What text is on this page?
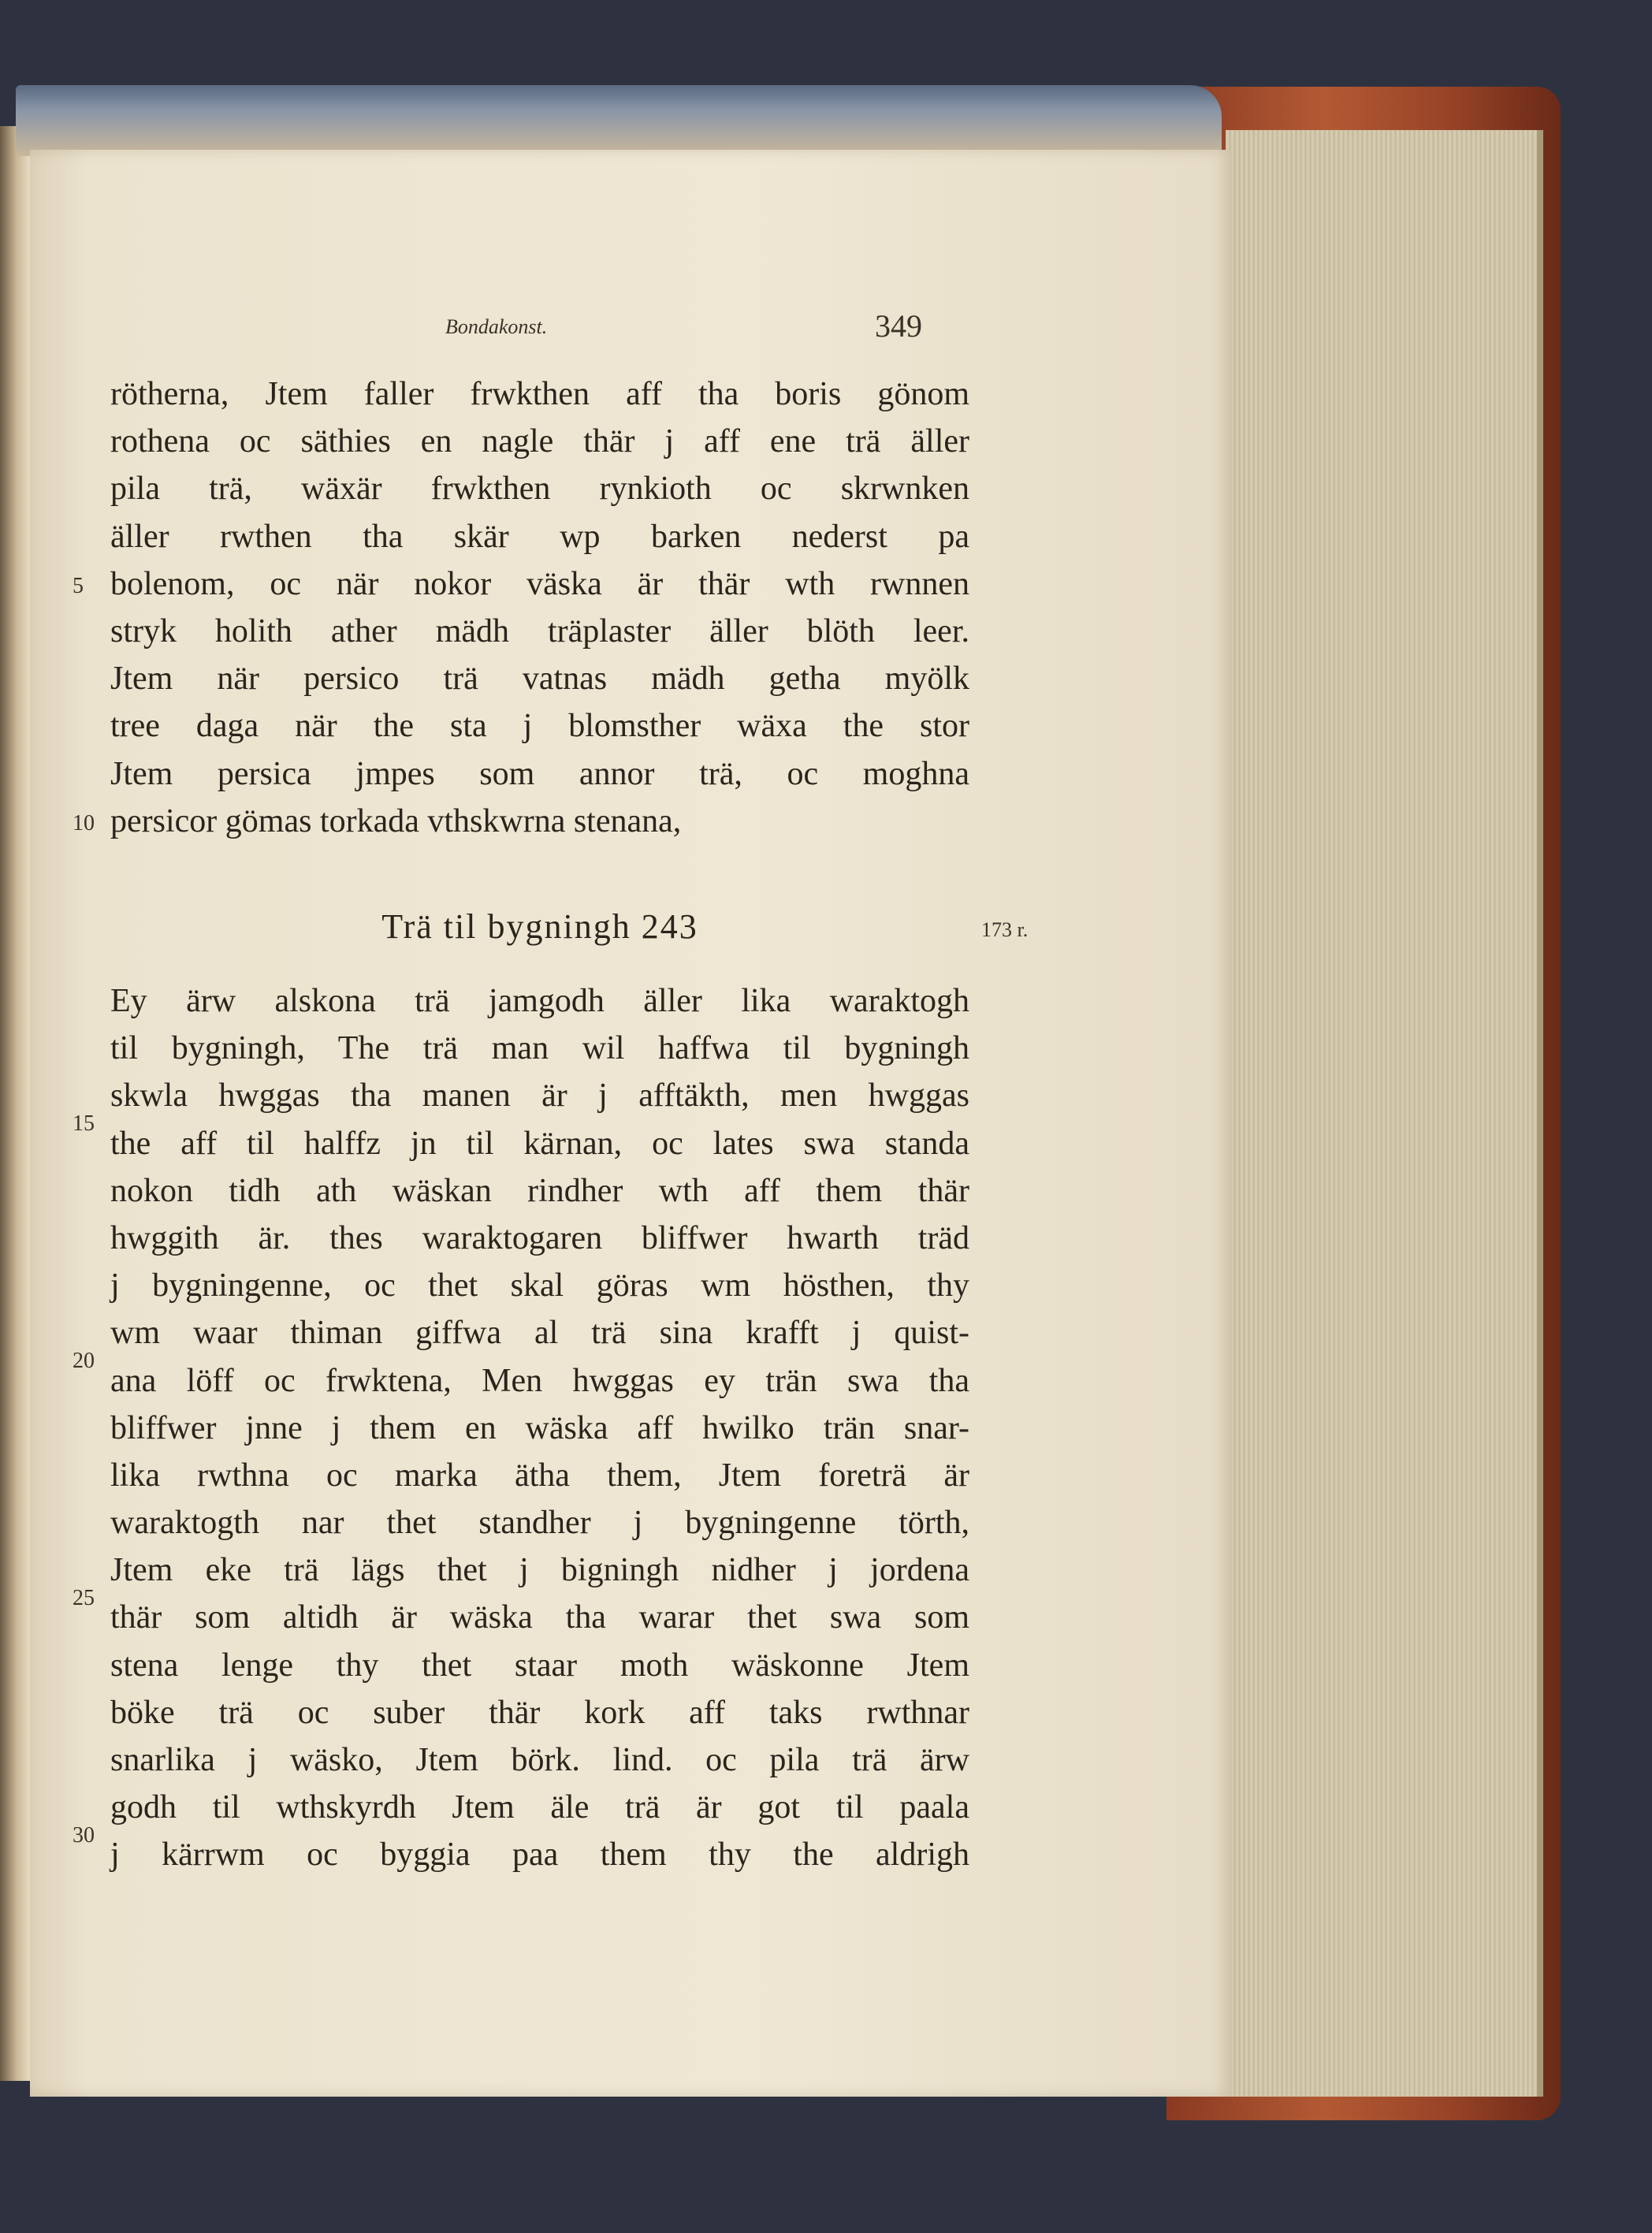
Bondakonst.	349
rötherna, Jtem faller frwkthen aff tha boris gönom
rothena oc säthies en nagle thär j aff ene trä äller
pila trä, wäxär frwkthen rynkioth oc skrwnken
äller rwthen tha skär wp barken nederst pa
bolenom, oc när nokor väska är thär wth rwnnen
stryk holith ather mädh träplaster äller blöth leer.
Jtem när persico trä vatnas mädh getha myölk
tree daga när the sta j blomsther wäxa the stor
Jtem persica jmpes som annor trä, oc moghna
persicor gömas torkada vthskwrna stenana,
Trä til bygningh 243	173 r.
Ey ärw alskona trä jamgodh äller lika waraktogh
til bygningh, The trä man wil haffwa til bygningh
skwla hwggas tha manen är j afftäkth, men hwggas
the aff til halffz jn til kärnan, oc lates swa standa
nokon tidh ath wäskan rindher wth aff them thär
hwggith är. thes waraktogaren bliffwer hwarth träd
j bygningenne, oc thet skal göras wm hösthen, thy
wm waar thiman giffwa al trä sina krafft j quist-
ana löff oc frwktena, Men hwggas ey trän swa tha
bliffwer jnne j them en wäska aff hwilko trän snar-
lika rwthna oc marka ätha them, Jtem foreträ är
waraktogth nar thet standher j bygningenne törth,
Jtem eke trä lägs thet j bigningh nidher j jordena
thär som altidh är wäska tha warar thet swa som
stena lenge thy thet staar moth wäskonne Jtem
böke trä oc suber thär kork aff taks rwthnar
snarlika j wäsko, Jtem börk. lind. oc pila trä ärw
godh til wthskyrdh Jtem äle trä är got til paala
j kärrwm oc byggia paa them thy the aldrigh
5
10
15
20
25
30
